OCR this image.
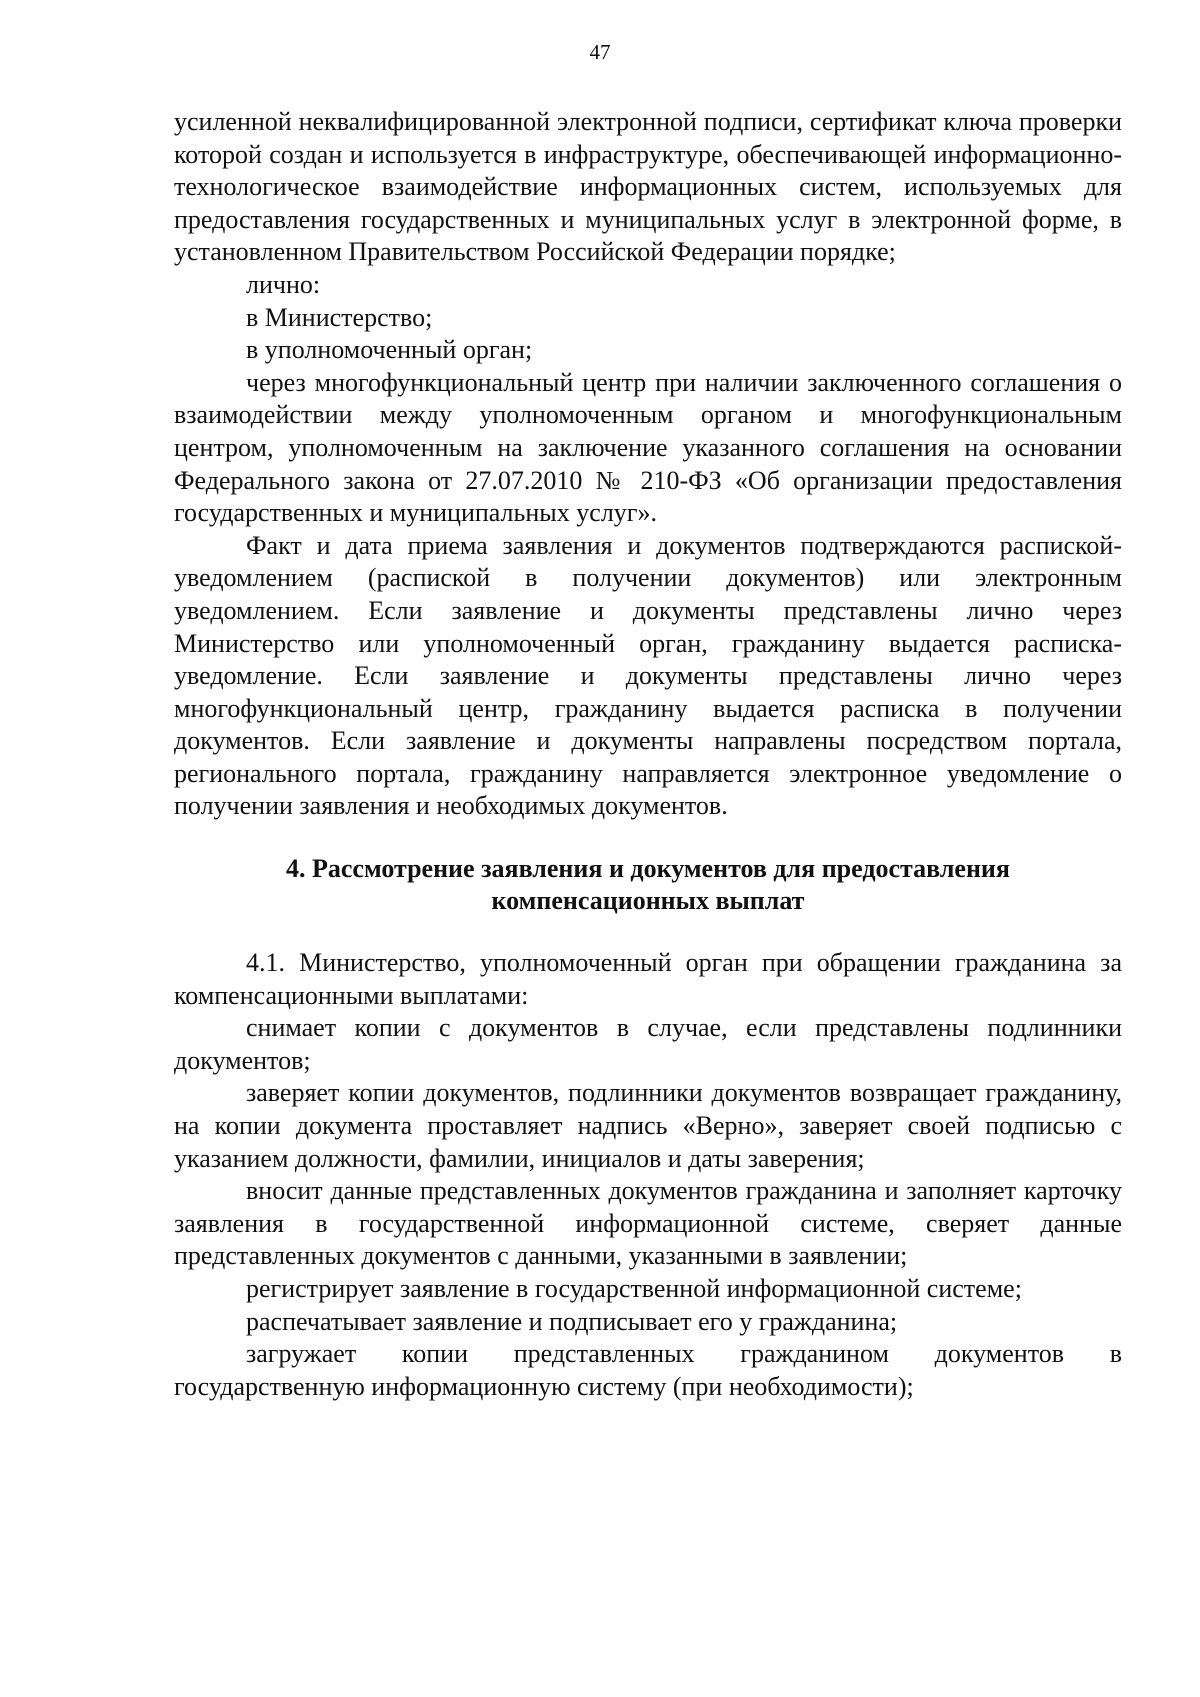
47

усиленной неквалифицированной электронной подписи, сертификат ключа проверки которой создан и используется в инфраструктуре, обеспечивающей информационно-технологическое взаимодействие информационных систем, используемых для предоставления государственных и муниципальных услуг в электронной форме, в установленном Правительством Российской Федерации порядке;

лично:

в Министерство;

в уполномоченный орган;

через многофункциональный центр при наличии заключенного соглашения о взаимодействии между уполномоченным органом и многофункциональным центром, уполномоченным на заключение указанного соглашения на основании Федерального закона от 27.07.2010 № 210-ФЗ «Об организации предоставления государственных и муниципальных услуг».

Факт и дата приема заявления и документов подтверждаются распиской-уведомлением (распиской в получении документов) или электронным уведомлением. Если заявление и документы представлены лично через Министерство или уполномоченный орган, гражданину выдается расписка-уведомление. Если заявление и документы представлены лично через многофункциональный центр, гражданину выдается расписка в получении документов. Если заявление и документы направлены посредством портала, регионального портала, гражданину направляется электронное уведомление о получении заявления и необходимых документов.

4. Рассмотрение заявления и документов для предоставления
компенсационных выплат

4.1. Министерство, уполномоченный орган при обращении гражданина за компенсационными выплатами:

снимает копии с документов в случае, если представлены подлинники документов;

заверяет копии документов, подлинники документов возвращает гражданину, на копии документа проставляет надпись «Верно», заверяет своей подписью с указанием должности, фамилии, инициалов и даты заверения;

вносит данные представленных документов гражданина и заполняет карточку заявления в государственной информационной системе, сверяет данные представленных документов с данными, указанными в заявлении;

регистрирует заявление в государственной информационной системе;

распечатывает заявление и подписывает его у гражданина;

загружает копии представленных гражданином документов в государственную информационную систему (при необходимости);
